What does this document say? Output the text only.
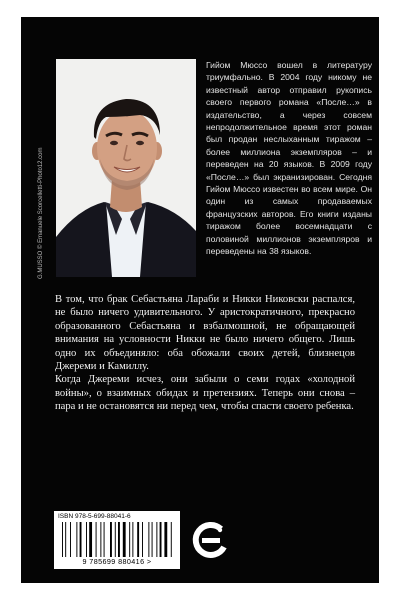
G.MUSSO © Emanuele Scorcelletti-Photo12.com
Гийом Мюссо вошел в литературу триумфально. В 2004 году никому не известный автор отправил рукопись своего первого романа «После…» в издательство, а через совсем непродолжительное время этот роман был продан неслыханным тиражом – более миллиона экземпляров – и переведен на 20 языков. В 2009 году «После…» был экранизирован. Сегодня Гийом Мюссо известен во всем мире. Он один из самых продаваемых французских авторов. Его книги изданы тиражом более восемнадцати с половиной миллионов экземпляров и переведены на 38 языков.

В том, что брак Себастьяна Лараби и Никки Никовски распался, не было ничего удивительного. У аристократичного, прекрасно образованного Себастьяна и взбалмошной, не обращающей внимания на условности Никки не было ничего общего. Лишь одно их объединяло: оба обожали своих детей, близнецов Джереми и Камиллу.

Когда Джереми исчез, они забыли о семи годах «холодной войны», о взаимных обидах и претензиях. Теперь они снова – пара и не остановятся ни перед чем, чтобы спасти своего ребенка.

ISBN 978-5-699-88041-6
9 785699 880416 >
